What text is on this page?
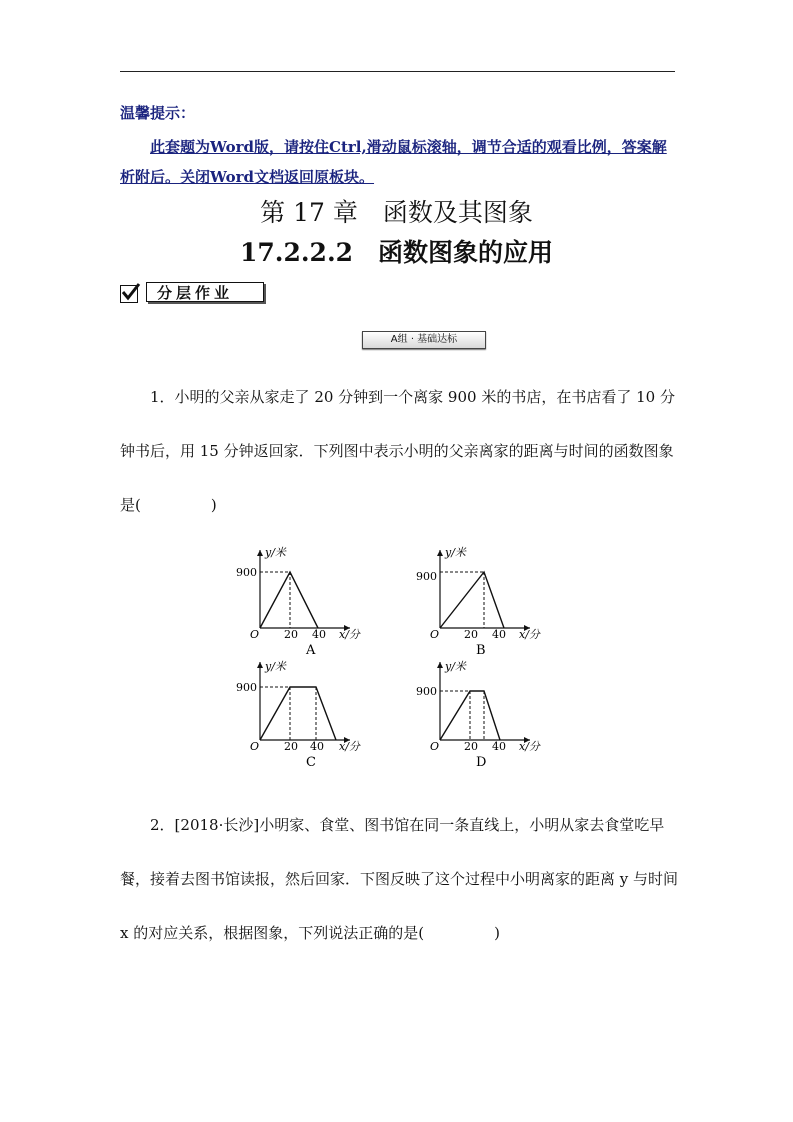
温馨提示：
此套题为Word版，请按住Ctrl,滑动鼠标滚轴，调节合适的观看比例，答案解析附后。关闭Word文档返回原板块。
第 17 章　函数及其图象
17.2.2.2　函数图象的应用
分层作业
A组 · 基础达标
1．小明的父亲从家走了 20 分钟到一个离家 900 米的书店，在书店看了 10 分钟书后，用 15 分钟返回家．下列图中表示小明的父亲离家的距离与时间的函数图象是(	)
y/米
900
O 20 40 x/分
A
y/米
900
O 20 40 x/分
B
y/米
900
O 20 40 x/分
C
y/米
900
O 20 40 x/分
D
2．[2018·长沙]小明家、食堂、图书馆在同一条直线上，小明从家去食堂吃早餐，接着去图书馆读报，然后回家．下图反映了这个过程中小明离家的距离 y 与时间 x 的对应关系，根据图象，下列说法正确的是(	)
